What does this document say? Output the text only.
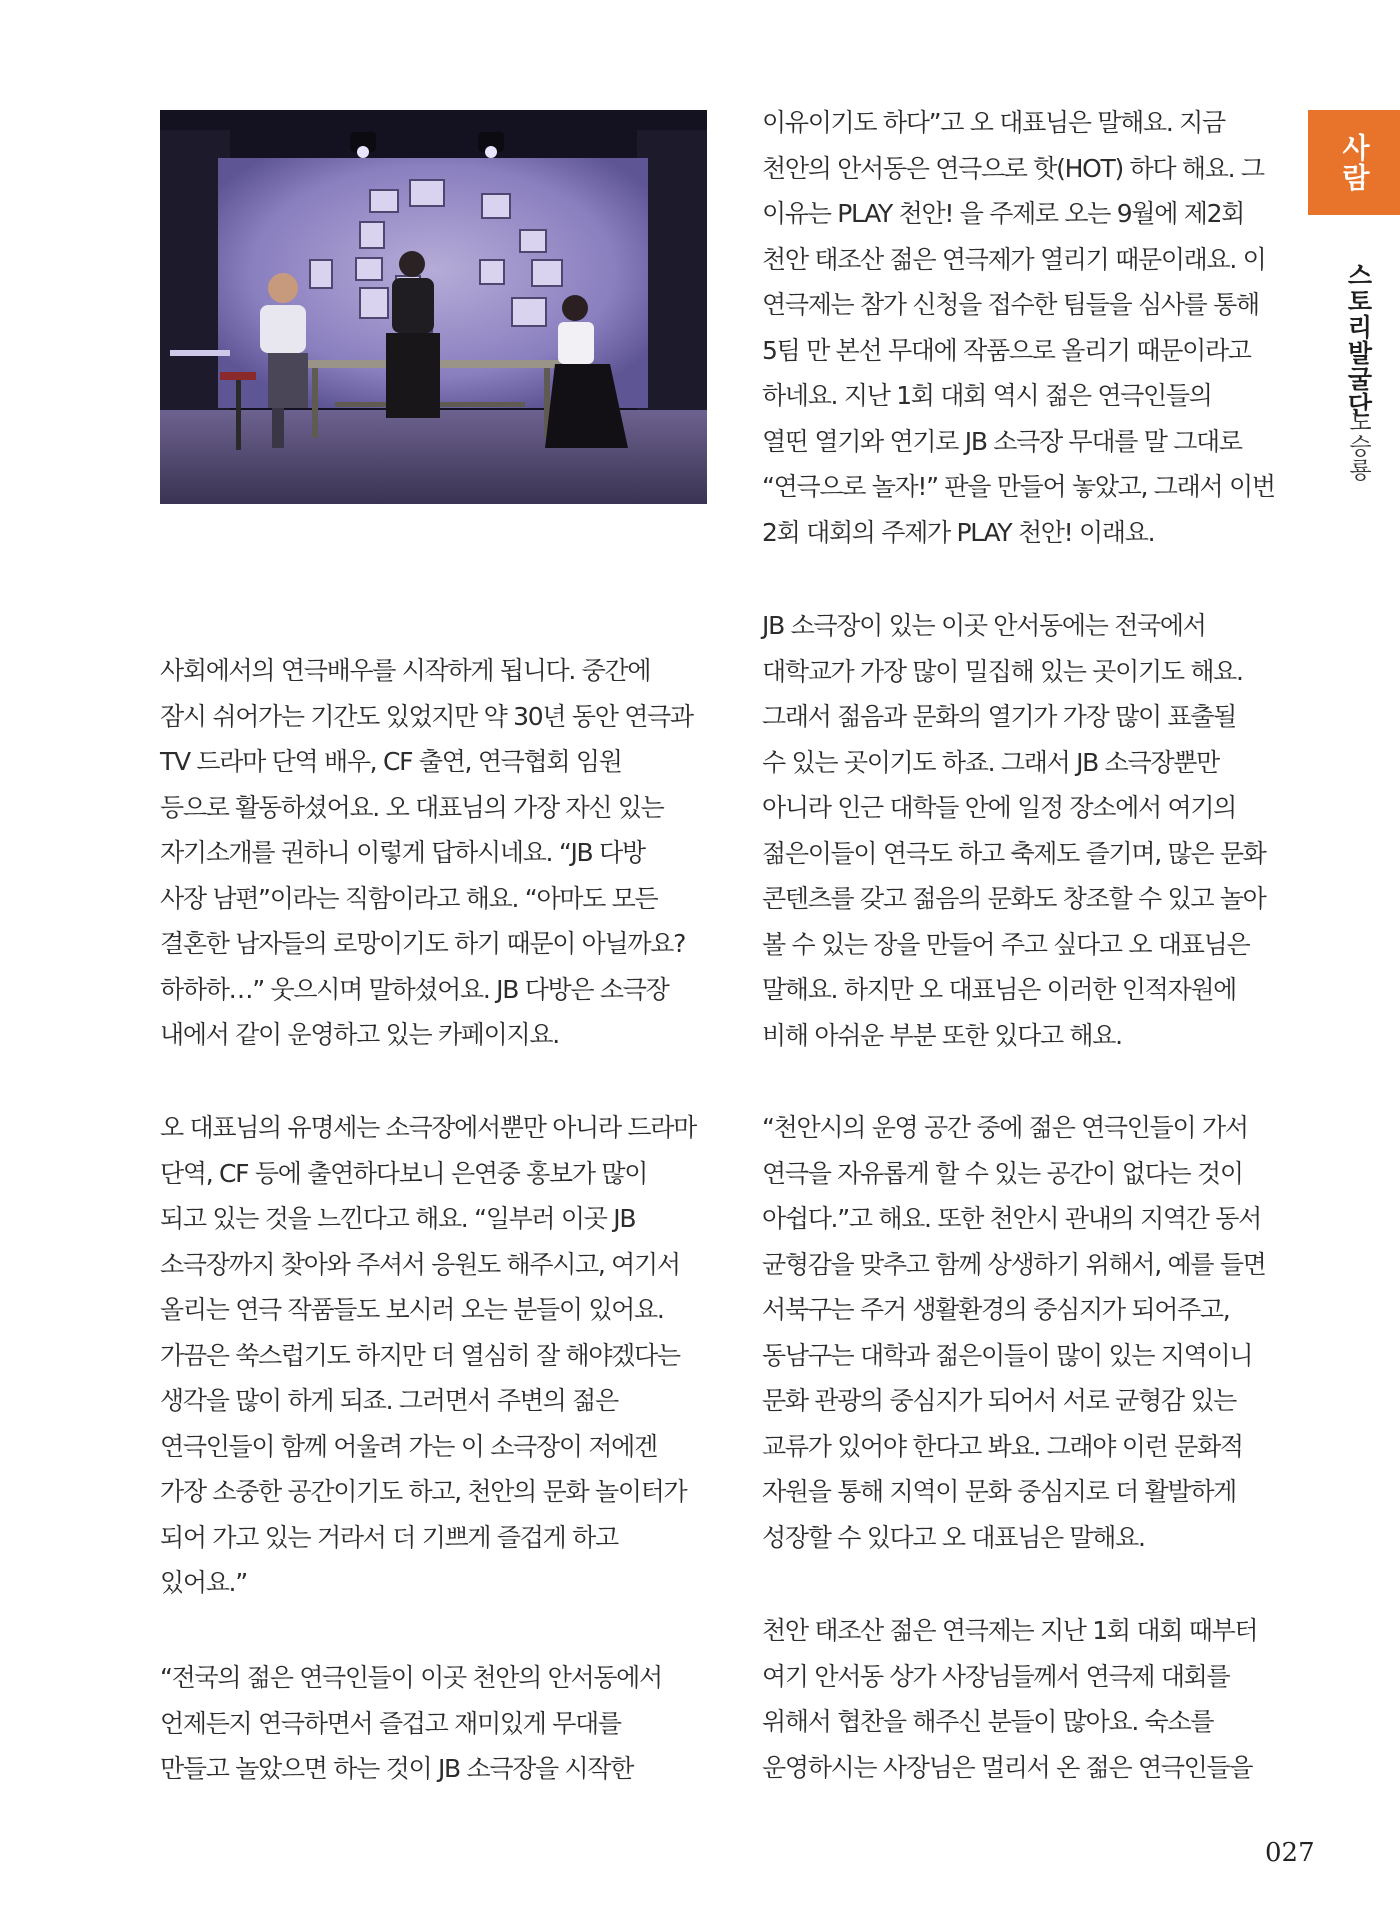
사회에서의 연극배우를 시작하게 됩니다. 중간에
잠시 쉬어가는 기간도 있었지만 약 30년 동안 연극과
TV 드라마 단역 배우, CF 출연, 연극협회 임원
등으로 활동하셨어요. 오 대표님의 가장 자신 있는
자기소개를 권하니 이렇게 답하시네요. “JB 다방
사장 남편”이라는 직함이라고 해요. “아마도 모든
결혼한 남자들의 로망이기도 하기 때문이 아닐까요?
하하하…” 웃으시며 말하셨어요. JB 다방은 소극장
내에서 같이 운영하고 있는 카페이지요.
오 대표님의 유명세는 소극장에서뿐만 아니라 드라마
단역, CF 등에 출연하다보니 은연중 홍보가 많이
되고 있는 것을 느낀다고 해요. “일부러 이곳 JB
소극장까지 찾아와 주셔서 응원도 해주시고, 여기서
올리는 연극 작품들도 보시러 오는 분들이 있어요.
가끔은 쑥스럽기도 하지만 더 열심히 잘 해야겠다는
생각을 많이 하게 되죠. 그러면서 주변의 젊은
연극인들이 함께 어울려 가는 이 소극장이 저에겐
가장 소중한 공간이기도 하고, 천안의 문화 놀이터가
되어 가고 있는 거라서 더 기쁘게 즐겁게 하고
있어요.”
“전국의 젊은 연극인들이 이곳 천안의 안서동에서
언제든지 연극하면서 즐겁고 재미있게 무대를
만들고 놀았으면 하는 것이 JB 소극장을 시작한
이유이기도 하다”고 오 대표님은 말해요. 지금
천안의 안서동은 연극으로 핫(HOT) 하다 해요. 그
이유는 PLAY 천안! 을 주제로 오는 9월에 제2회
천안 태조산 젊은 연극제가 열리기 때문이래요. 이
연극제는 참가 신청을 접수한 팀들을 심사를 통해
5팀 만 본선 무대에 작품으로 올리기 때문이라고
하네요. 지난 1회 대회 역시 젊은 연극인들의
열띤 열기와 연기로 JB 소극장 무대를 말 그대로
“연극으로 놀자!” 판을 만들어 놓았고, 그래서 이번
2회 대회의 주제가 PLAY 천안! 이래요.
JB 소극장이 있는 이곳 안서동에는 전국에서
대학교가 가장 많이 밀집해 있는 곳이기도 해요.
그래서 젊음과 문화의 열기가 가장 많이 표출될
수 있는 곳이기도 하죠. 그래서 JB 소극장뿐만
아니라 인근 대학들 안에 일정 장소에서 여기의
젊은이들이 연극도 하고 축제도 즐기며, 많은 문화
콘텐츠를 갖고 젊음의 문화도 창조할 수 있고 놀아
볼 수 있는 장을 만들어 주고 싶다고 오 대표님은
말해요. 하지만 오 대표님은 이러한 인적자원에
비해 아쉬운 부분 또한 있다고 해요.
“천안시의 운영 공간 중에 젊은 연극인들이 가서
연극을 자유롭게 할 수 있는 공간이 없다는 것이
아쉽다.”고 해요. 또한 천안시 관내의 지역간 동서
균형감을 맞추고 함께 상생하기 위해서, 예를 들면
서북구는 주거 생활환경의 중심지가 되어주고,
동남구는 대학과 젊은이들이 많이 있는 지역이니
문화 관광의 중심지가 되어서 서로 균형감 있는
교류가 있어야 한다고 봐요. 그래야 이런 문화적
자원을 통해 지역이 문화 중심지로 더 활발하게
성장할 수 있다고 오 대표님은 말해요.
천안 태조산 젊은 연극제는 지난 1회 대회 때부터
여기 안서동 상가 사장님들께서 연극제 대회를
위해서 협찬을 해주신 분들이 많아요. 숙소를
운영하시는 사장님은 멀리서 온 젊은 연극인들을
사람
스토리발굴단
노승룡
027
